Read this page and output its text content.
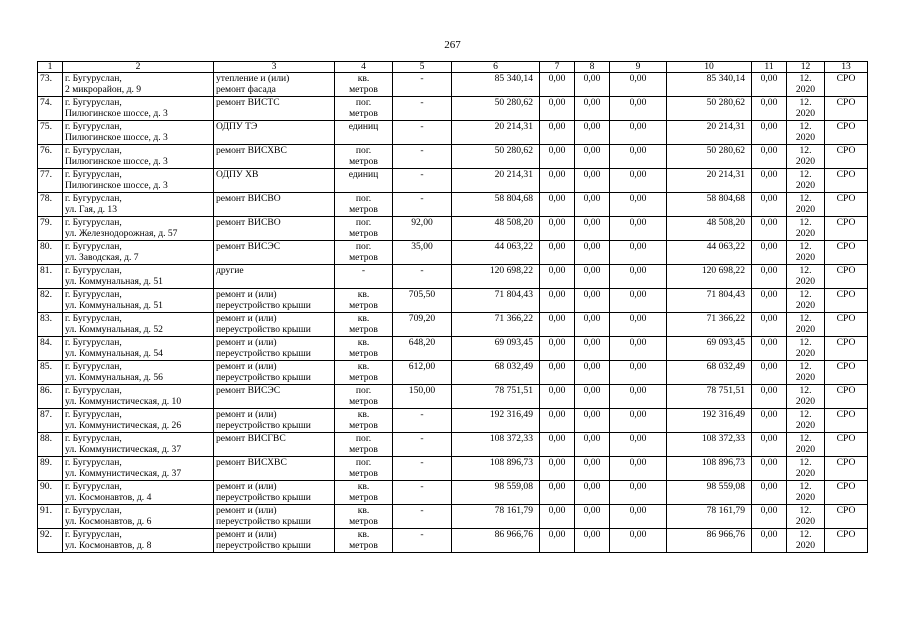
267
1	2	3	4	5	6	7	8	9	10	11	12	13

73.	г. Бугуруслан,
2 микрорайон, д. 9	утепление и (или)
ремонт фасада	кв.
метров	-	85 340,14	0,00	0,00	0,00	85 340,14	0,00	12.
2020	СРО

74.	г. Бугуруслан,
Пилюгинское шоссе, д. 3	ремонт ВИСТС	пог.
метров	-	50 280,62	0,00	0,00	0,00	50 280,62	0,00	12.
2020	СРО

75.	г. Бугуруслан,
Пилюгинское шоссе, д. 3	ОДПУ ТЭ	единиц	-	20 214,31	0,00	0,00	0,00	20 214,31	0,00	12.
2020	СРО

76.	г. Бугуруслан,
Пилюгинское шоссе, д. 3	ремонт ВИСХВС	пог.
метров	-	50 280,62	0,00	0,00	0,00	50 280,62	0,00	12.
2020	СРО

77.	г. Бугуруслан,
Пилюгинское шоссе, д. 3	ОДПУ ХВ	единиц	-	20 214,31	0,00	0,00	0,00	20 214,31	0,00	12.
2020	СРО

78.	г. Бугуруслан,
ул. Гая, д. 13	ремонт ВИСВО	пог.
метров	-	58 804,68	0,00	0,00	0,00	58 804,68	0,00	12.
2020	СРО

79.	г. Бугуруслан,
ул. Железнодорожная, д. 57	ремонт ВИСВО	пог.
метров	92,00	48 508,20	0,00	0,00	0,00	48 508,20	0,00	12.
2020	СРО

80.	г. Бугуруслан,
ул. Заводская, д. 7	ремонт ВИСЭС	пог.
метров	35,00	44 063,22	0,00	0,00	0,00	44 063,22	0,00	12.
2020	СРО

81.	г. Бугуруслан,
ул. Коммунальная, д. 51	другие	-	-	120 698,22	0,00	0,00	0,00	120 698,22	0,00	12.
2020	СРО

82.	г. Бугуруслан,
ул. Коммунальная, д. 51	ремонт и (или)
переустройство крыши	кв.
метров	705,50	71 804,43	0,00	0,00	0,00	71 804,43	0,00	12.
2020	СРО

83.	г. Бугуруслан,
ул. Коммунальная, д. 52	ремонт и (или)
переустройство крыши	кв.
метров	709,20	71 366,22	0,00	0,00	0,00	71 366,22	0,00	12.
2020	СРО

84.	г. Бугуруслан,
ул. Коммунальная, д. 54	ремонт и (или)
переустройство крыши	кв.
метров	648,20	69 093,45	0,00	0,00	0,00	69 093,45	0,00	12.
2020	СРО

85.	г. Бугуруслан,
ул. Коммунальная, д. 56	ремонт и (или)
переустройство крыши	кв.
метров	612,00	68 032,49	0,00	0,00	0,00	68 032,49	0,00	12.
2020	СРО

86.	г. Бугуруслан,
ул. Коммунистическая, д. 10	ремонт ВИСЭС	пог.
метров	150,00	78 751,51	0,00	0,00	0,00	78 751,51	0,00	12.
2020	СРО

87.	г. Бугуруслан,
ул. Коммунистическая, д. 26	ремонт и (или)
переустройство крыши	кв.
метров	-	192 316,49	0,00	0,00	0,00	192 316,49	0,00	12.
2020	СРО

88.	г. Бугуруслан,
ул. Коммунистическая, д. 37	ремонт ВИСГВС	пог.
метров	-	108 372,33	0,00	0,00	0,00	108 372,33	0,00	12.
2020	СРО

89.	г. Бугуруслан,
ул. Коммунистическая, д. 37	ремонт ВИСХВС	пог.
метров	-	108 896,73	0,00	0,00	0,00	108 896,73	0,00	12.
2020	СРО

90.	г. Бугуруслан,
ул. Космонавтов, д. 4	ремонт и (или)
переустройство крыши	кв.
метров	-	98 559,08	0,00	0,00	0,00	98 559,08	0,00	12.
2020	СРО

91.	г. Бугуруслан,
ул. Космонавтов, д. 6	ремонт и (или)
переустройство крыши	кв.
метров	-	78 161,79	0,00	0,00	0,00	78 161,79	0,00	12.
2020	СРО

92.	г. Бугуруслан,
ул. Космонавтов, д. 8	ремонт и (или)
переустройство крыши	кв.
метров	-	86 966,76	0,00	0,00	0,00	86 966,76	0,00	12.
2020	СРО
